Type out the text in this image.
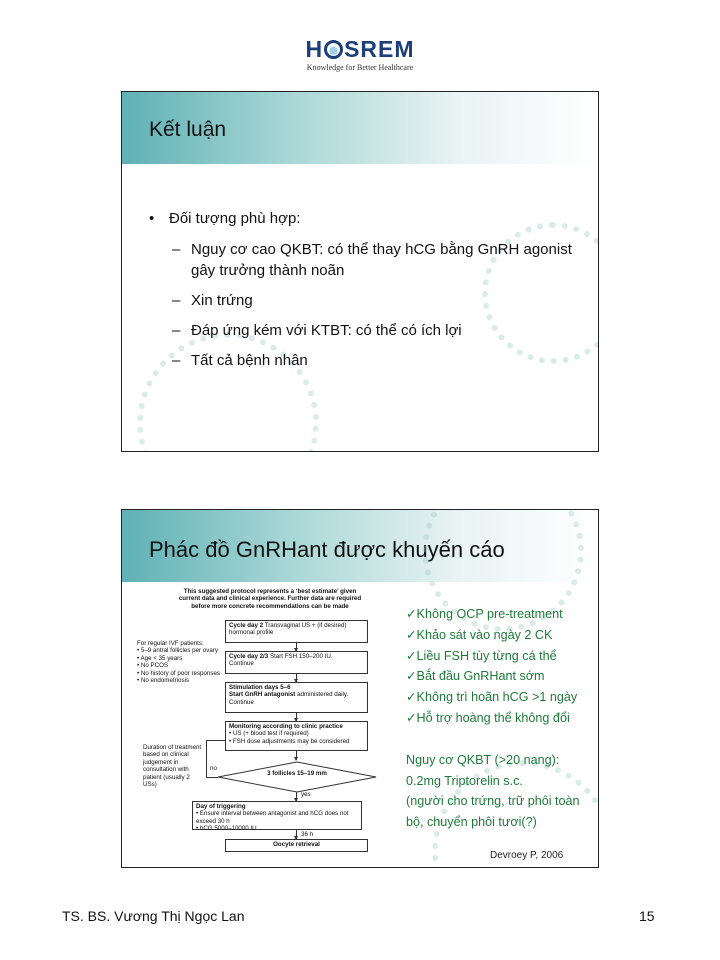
H SREM
Knowledge for Better Healthcare
Kết luận
• Đối tượng phù hợp:
– Nguy cơ cao QKBT: có thể thay hCG bằng GnRH agonist gây trưởng thành noãn
– Xin trứng
– Đáp ứng kém với KTBT: có thể có ích lợi
– Tất cả bệnh nhân
Phác đồ GnRHant được khuyến cáo
This suggested protocol represents a ‘best estimate’ given
current data and clinical experience. Further data are required
before more concrete recommendations can be made
For regular IVF patients:
• 5–9 antral follicles per ovary
• Age < 35 years
• No PCOS
• No history of poor responses
• No endometriosis
Cycle day 2 Transvaginal US + (if desired) hormonal profile
Cycle day 2/3 Start FSH 150–200 IU.
Continue
Stimulation days 5–6
Start GnRH antagonist administered daily.
Continue
Monitoring according to clinic practice
• US (+ blood test if required)
• FSH dose adjustments may be considered
Duration of treatment based on clinical judgement in consultation with patient (usually 2 USs)
no
3 follicles 15–19 mm
yes
Day of triggering
• Ensure interval between antagonist and hCG does not exceed 30 h
• hCG 5000–10000 IU
36 h
Oocyte retrieval
✓Không OCP pre-treatment
✓Khảo sát vào ngày 2 CK
✓Liều FSH tùy từng cá thể
✓Bắt đầu GnRHant sớm
✓Không trì hoãn hCG >1 ngày
✓Hỗ trợ hoàng thể không đổi
Nguy cơ QKBT (>20 nang):
0.2mg Triptorelin s.c.
(người cho trứng, trữ phôi toàn
bộ, chuyển phôi tươi(?)
Devroey P, 2006
TS. BS. Vương Thị Ngọc Lan	15
